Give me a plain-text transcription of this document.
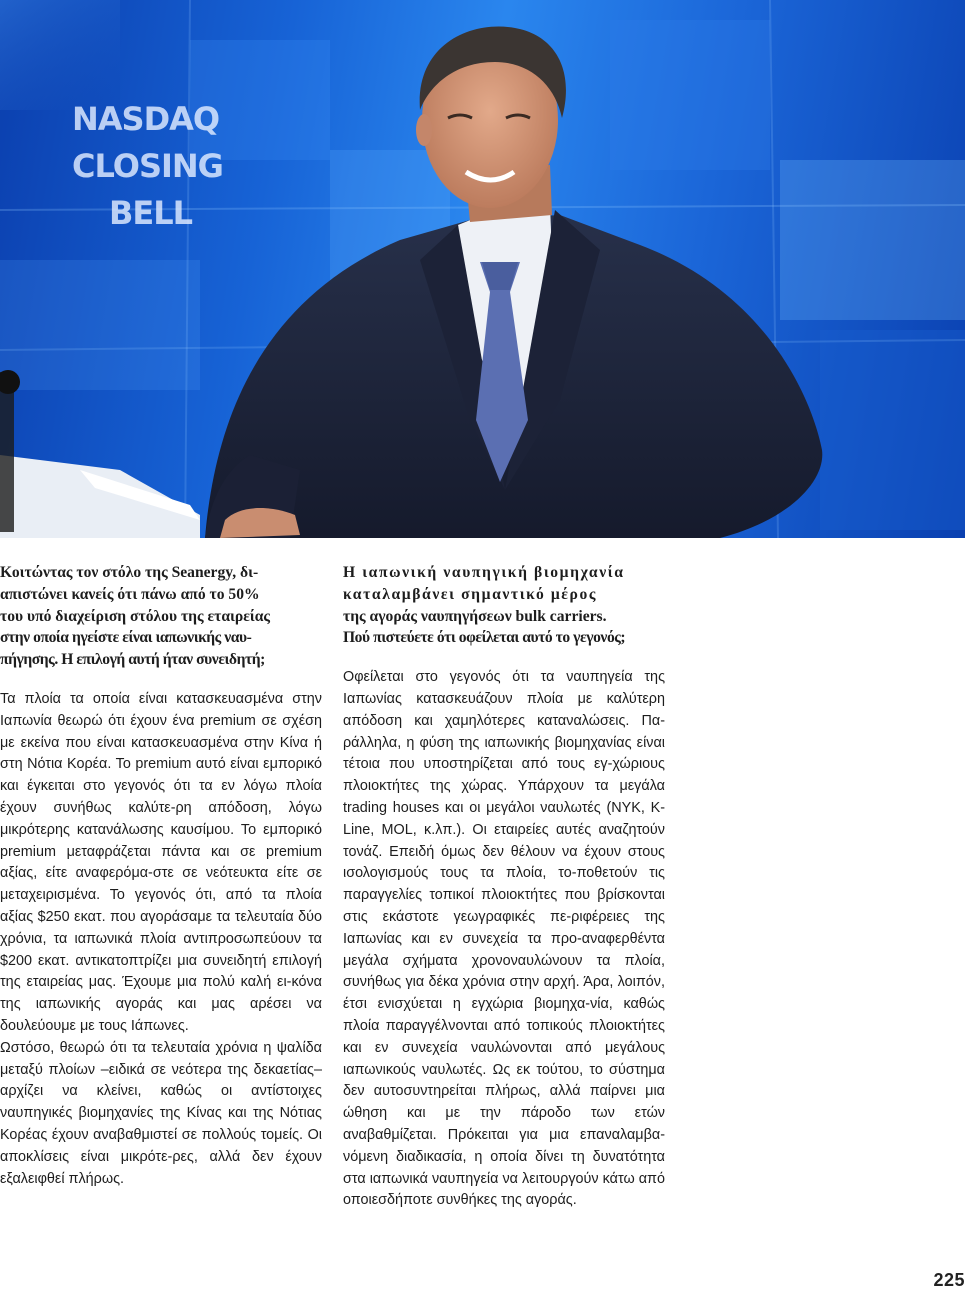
NASDAQ
CLOSING
BELL
Κοιτώντας τον στόλο της Seanergy, δι-
απιστώνει κανείς ότι πάνω από το 50%
του υπό διαχείριση στόλου της εταιρείας
στην οποία ηγείστε είναι ιαπωνικής ναυ-
πήγησης. Η επιλογή αυτή ήταν συνειδητή;

Τα πλοία τα οποία είναι κατασκευασμένα στην Ιαπωνία θεωρώ ότι έχουν ένα premium σε σχέση με εκείνα που είναι κατασκευασμένα στην Κίνα ή στη Νότια Κορέα. Το premium αυτό είναι εμπορικό και έγκειται στο γεγονός ότι τα εν λόγω πλοία έχουν συνήθως καλύτε-ρη απόδοση, λόγω μικρότερης κατανάλωσης καυσίμου. Το εμπορικό premium μεταφράζεται πάντα και σε premium αξίας, είτε αναφερόμα-στε σε νεότευκτα είτε σε μεταχειρισμένα. Το γεγονός ότι, από τα πλοία αξίας $250 εκατ. που αγοράσαμε τα τελευταία δύο χρόνια, τα ιαπωνικά πλοία αντιπροσωπεύουν τα $200 εκατ. αντικατοπτρίζει μια συνειδητή επιλογή της εταιρείας μας. Έχουμε μια πολύ καλή ει-κόνα της ιαπωνικής αγοράς και μας αρέσει να δουλεύουμε με τους Ιάπωνες.

Ωστόσο, θεωρώ ότι τα τελευταία χρόνια η ψαλίδα μεταξύ πλοίων –ειδικά σε νεότερα της δεκαετίας– αρχίζει να κλείνει, καθώς οι αντίστοιχες ναυπηγικές βιομηχανίες της Κίνας και της Νότιας Κορέας έχουν αναβαθμιστεί σε πολλούς τομείς. Οι αποκλίσεις είναι μικρότε-ρες, αλλά δεν έχουν εξαλειφθεί πλήρως.

Η ιαπωνική ναυπηγική βιομηχανία
καταλαμβάνει σημαντικό μέρος
της αγοράς ναυπηγήσεων bulk carriers.
Πού πιστεύετε ότι οφείλεται αυτό το γεγονός;

Οφείλεται στο γεγονός ότι τα ναυπηγεία της Ιαπωνίας κατασκευάζουν πλοία με καλύτερη απόδοση και χαμηλότερες καταναλώσεις. Πα-ράλληλα, η φύση της ιαπωνικής βιομηχανίας είναι τέτοια που υποστηρίζεται από τους εγ-χώριους πλοιοκτήτες της χώρας. Υπάρχουν τα μεγάλα trading houses και οι μεγάλοι ναυλωτές (NYK, K-Line, MOL, κ.λπ.). Οι εταιρείες αυτές αναζητούν τονάζ. Επειδή όμως δεν θέλουν να έχουν στους ισολογισμούς τους τα πλοία, το-ποθετούν τις παραγγελίες τοπικοί πλοιοκτήτες που βρίσκονται στις εκάστοτε γεωγραφικές πε-ριφέρειες της Ιαπωνίας και εν συνεχεία τα προ-αναφερθέντα μεγάλα σχήματα χρονοναυλώνουν τα πλοία, συνήθως για δέκα χρόνια στην αρχή. Άρα, λοιπόν, έτσι ενισχύεται η εγχώρια βιομηχα-νία, καθώς πλοία παραγγέλνονται από τοπικούς πλοιοκτήτες και εν συνεχεία ναυλώνονται από μεγάλους ιαπωνικούς ναυλωτές. Ως εκ τούτου, το σύστημα δεν αυτοσυντηρείται πλήρως, αλλά παίρνει μια ώθηση και με την πάροδο των ετών αναβαθμίζεται. Πρόκειται για μια επαναλαμβα-νόμενη διαδικασία, η οποία δίνει τη δυνατότητα στα ιαπωνικά ναυπηγεία να λειτουργούν κάτω από οποιεσδήποτε συνθήκες της αγοράς.

225
